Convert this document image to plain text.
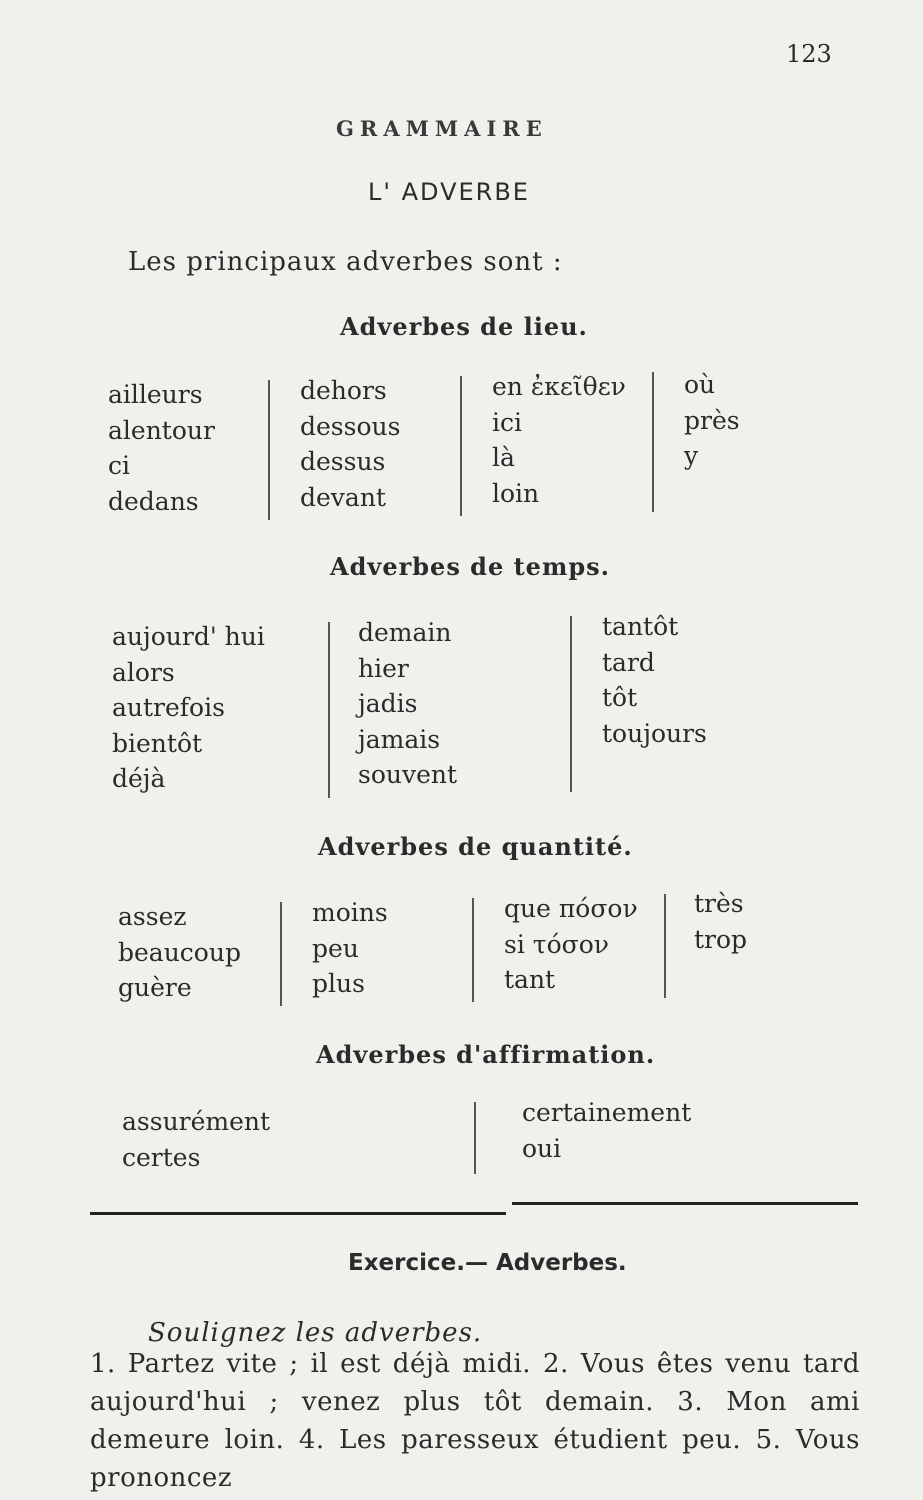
123
GRAMMAIRE
L' ADVERBE
Les principaux adverbes sont :
Adverbes de lieu.
ailleurs
alentour
ci
dedans
dehors
dessous
dessus
devant
en ἐκεῖθεν
ici
là
loin
où
près
y
Adverbes de temps.
aujourd' hui
alors
autrefois
bientôt
déjà
demain
hier
jadis
jamais
souvent
tantôt
tard
tôt
toujours
Adverbes de quantité.
assez
beaucoup
guère
moins
peu
plus
que πόσον
si τόσον
tant
très
trop
Adverbes d'affirmation.
assurément
certes
certainement
oui
Exercice.— Adverbes.
Soulignez les adverbes.
1. Partez vite ; il est déjà midi. 2. Vous êtes venu tard aujourd'hui ; venez plus tôt demain. 3. Mon ami demeure loin. 4. Les paresseux étudient peu. 5. Vous prononcez
